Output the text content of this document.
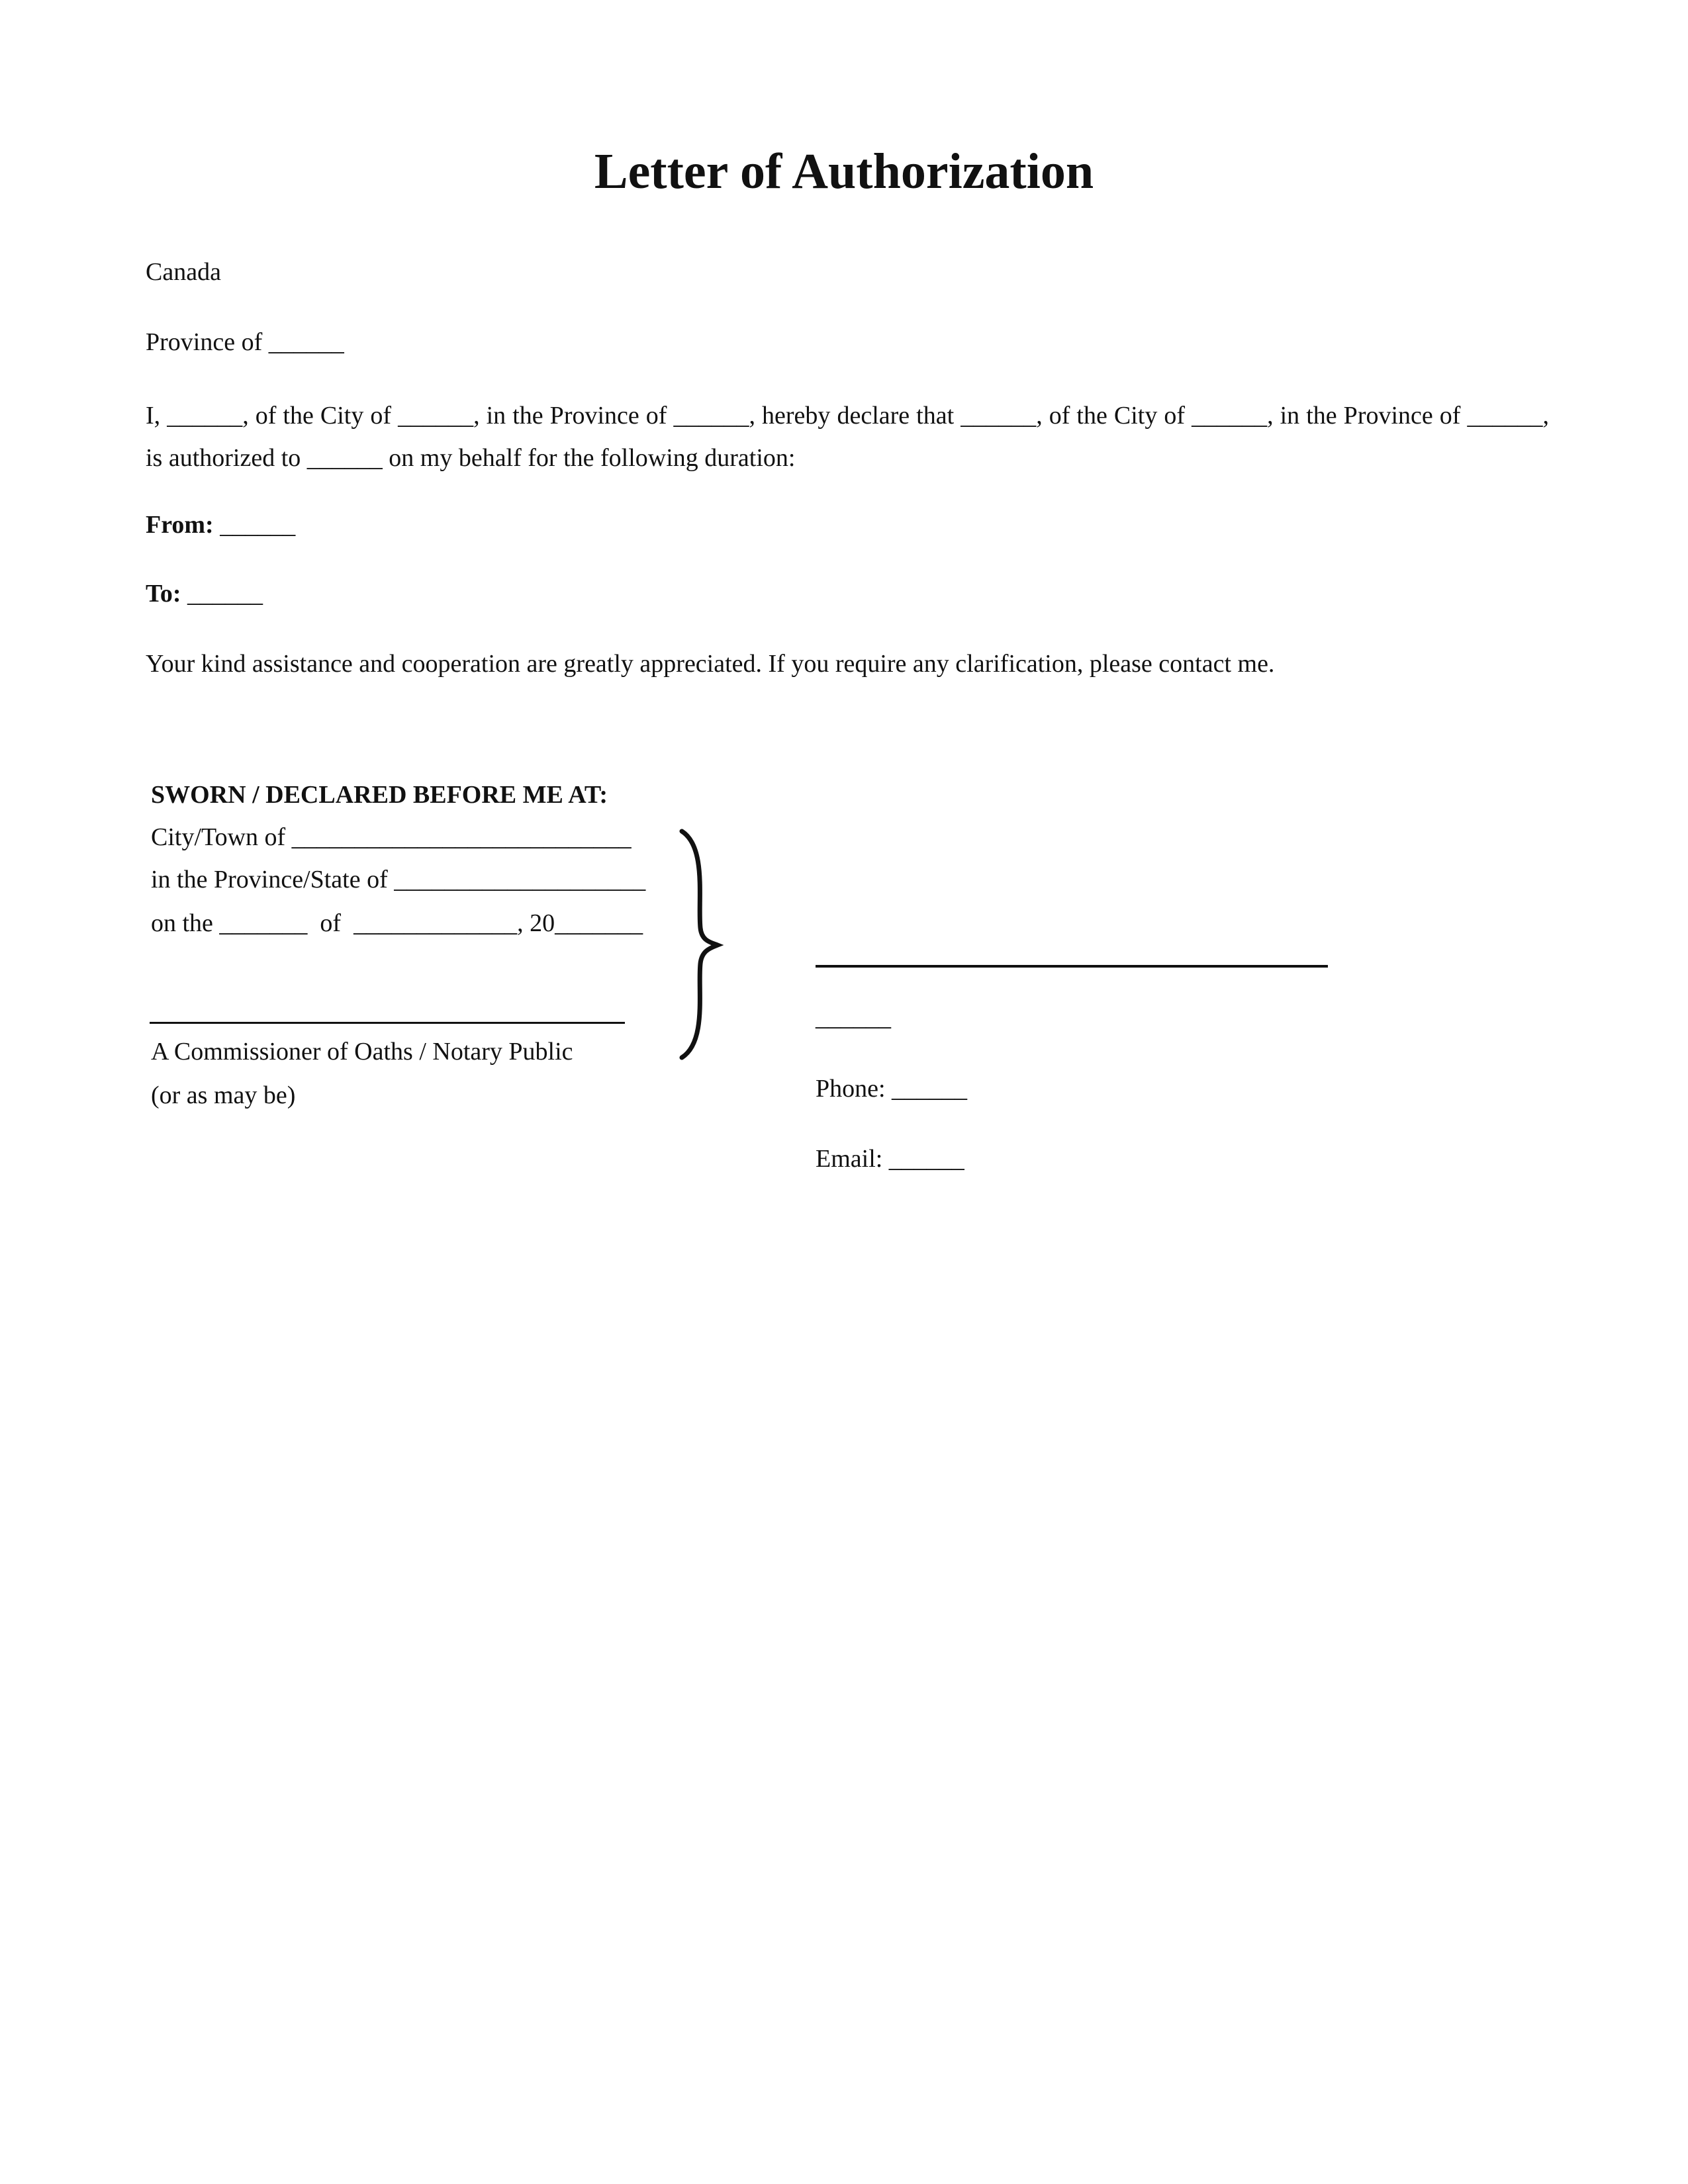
Letter of Authorization

Canada

Province of ______

I, ______, of the City of ______, in the Province of ______, hereby declare that ______, of the City of ______, in the Province of ______, is authorized to ______ on my behalf for the following duration:

From: ______

To: ______

Your kind assistance and cooperation are greatly appreciated. If you require any clarification, please contact me.

SWORN / DECLARED BEFORE ME AT:

City/Town of ___________________________

in the Province/State of ____________________

on the _______  of  _____________, 20_______

A Commissioner of Oaths / Notary Public

(or as may be)

______

Phone: ______

Email: ______
